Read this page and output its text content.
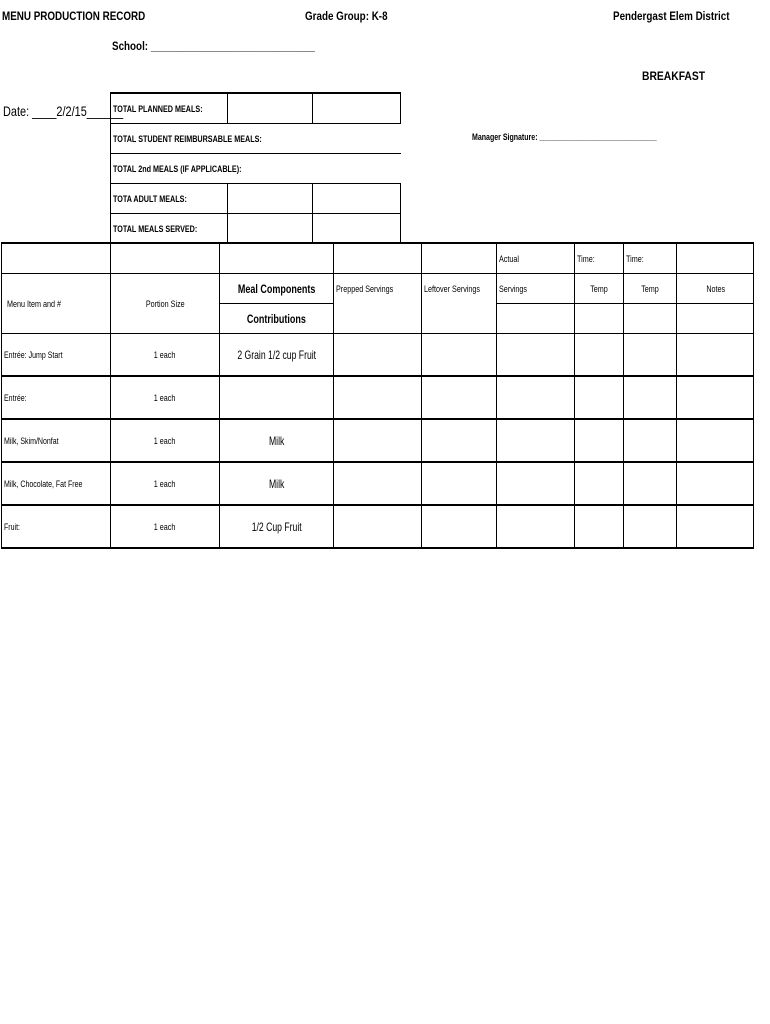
MENU PRODUCTION RECORD	Grade Group: K-8	Pendergast Elem District
School: ______________________________
BREAKFAST
Date: ____2/2/15______
Manager Signature: ______________________________
TOTAL PLANNED MEALS:		
TOTAL STUDENT REIMBURSABLE MEALS:		
TOTAL 2nd MEALS (IF APPLICABLE):		
TOTA ADULT MEALS:		
TOTAL MEALS SERVED:		
					Actual	Time:	Time:	
Menu Item and #	Portion Size	Meal Components	Prepped Servings	Leftover Servings	Servings	Temp	Temp	Notes
		Contributions						
Entrée: Jump Start	1 each	2 Grain 1/2 cup Fruit						
Entrée:	1 each							
Milk, Skim/Nonfat	1 each	Milk						
Milk, Chocolate, Fat Free	1 each	Milk						
Fruit:	1 each	1/2 Cup Fruit						
